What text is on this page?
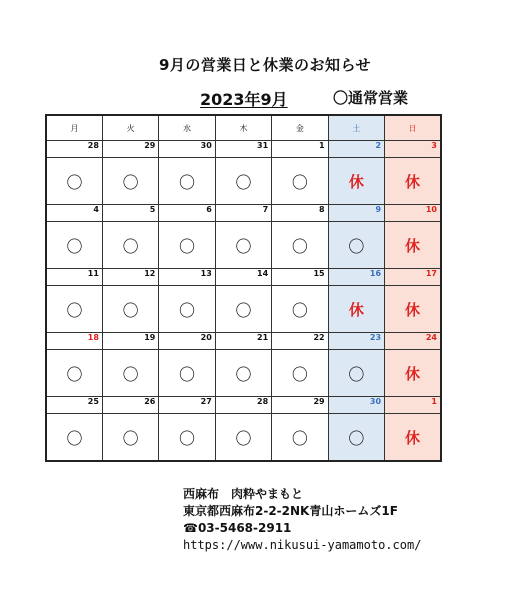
9月の営業日と休業のお知らせ
2023年9月	〇通常営業
月	火	水	木	金	土	日
28	29	30	31	1	2	3
〇	〇	〇	〇	〇	休	休
4	5	6	7	8	9	10
〇	〇	〇	〇	〇	〇	休
11	12	13	14	15	16	17
〇	〇	〇	〇	〇	休	休
18	19	20	21	22	23	24
〇	〇	〇	〇	〇	〇	休
25	26	27	28	29	30	1
〇	〇	〇	〇	〇	〇	休
西麻布　肉粋やまもと
東京都西麻布2-2-2NK青山ホームズ1F
☎03-5468-2911
https://www.nikusui-yamamoto.com/
